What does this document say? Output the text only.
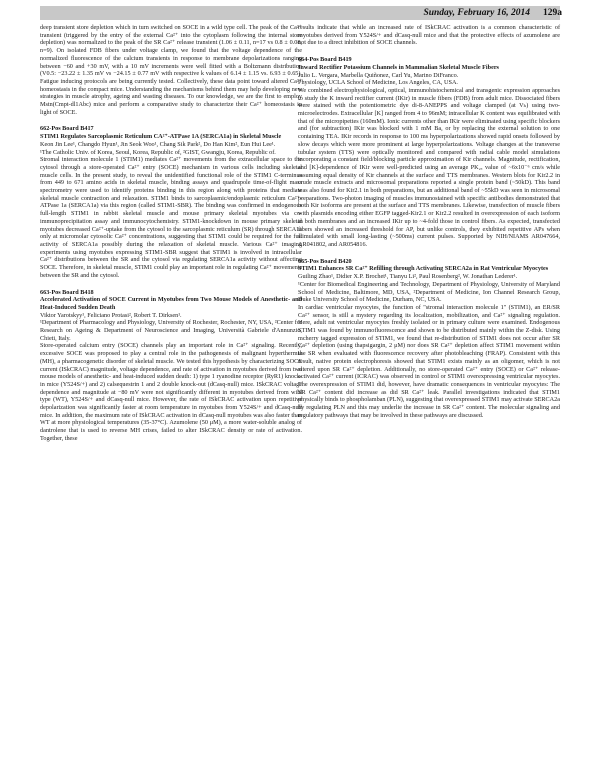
Sunday, February 16, 2014 129a

deep transient store depletion which in turn switched on SOCE in a wild type cell. The peak of the Ca²⁺ transient (triggered by the entry of the external Ca²⁺ into the cytoplasm following the internal store depletion) was normalized to the peak of the SR Ca²⁺ release transient (1.06 ± 0.11, n=17 vs 0.8 ± 0.08, n=9). On isolated FDB fibers under voltage clamp, we found that the voltage dependence of the normalized fluorescence of the calcium transients in response to membrane depolarizations ranging between −60 and +30 mV, with a 10 mV increments were well fitted with a Boltzmann distribution (V0.5: −23.22 ± 1.35 mV vs −24.15 ± 0.77 mV with respective k values of 6.14 ± 1.15 vs. 6.93 ± 0.65). Fatigue inducing protocols are being currently tested. Collectively, these data point toward altered Ca²⁺ homeostasis in the compact mice. Understanding the mechanisms behind them may help developing new strategies in muscle atrophy, ageing and wasting diseases. To our knowledge, we are the first to employ Mstn(Cmpt-dl1Abc) mice and perform a comparative study to characterize their Ca²⁺ homeostasis in light of SOCE.

662-Pos Board B417

STIM1 Regulates Sarcoplasmic Reticulum CA²⁺-ATPase 1A (SERCA1a) in Skeletal Muscle

Keon Jin Lee¹, Changdo Hyun¹, Jin Seok Woo¹, Chang Sik Park², Do Han Kim², Eun Hui Lee¹.

¹The Catholic Univ. of Korea, Seoul, Korea, Republic of, ²GIST, Gwangju, Korea, Republic of.

Stromal interaction molecule 1 (STIM1) mediates Ca²⁺ movements from the extracellular space to the cytosol through a store-operated Ca²⁺ entry (SOCE) mechanism in various cells including skeletal muscle cells. In the present study, to reveal the unidentified functional role of the STIM1 C-terminus from 449 to 671 amino acids in skeletal muscle, binding assays and quadrupole time-of-flight mass spectrometry were used to identify proteins binding in this region along with proteins that mediate skeletal muscle contraction and relaxation. STIM1 binds to sarcoplasmic/endoplasmic reticulum Ca²⁺-ATPase 1a (SERCA1a) via this region (called STIM1-SBR). The binding was confirmed in endogenous full-length STIM1 in rabbit skeletal muscle and mouse primary skeletal myotubes via co-immunoprecipitation assay and immunocytochemistry. STIM1-knockdown in mouse primary skeletal myotubes decreased Ca²⁺-uptake from the cytosol to the sarcoplasmic reticulum (SR) through SERCA1a only at micromolar cytosolic Ca²⁺ concentrations, suggesting that STIM1 could be required for the full activity of SERCA1a possibly during the relaxation of skeletal muscle. Various Ca²⁺ imaging experiments using myotubes expressing STIM1-SBR suggest that STIM1 is involved in intracellular Ca²⁺ distributions between the SR and the cytosol via regulating SERCA1a activity without affecting SOCE. Therefore, in skeletal muscle, STIM1 could play an important role in regulating Ca²⁺ movements between the SR and the cytosol.

663-Pos Board B418

Accelerated Activation of SOCE Current in Myotubes from Two Mouse Models of Anesthetic- and Heat-Induced Sudden Death

Viktor Yarotskyy¹, Feliciano Protasi², Robert T. Dirksen¹.

¹Department of Pharmacology and Physiology, University of Rochester, Rochester, NY, USA, ²Center for Research on Ageing & Department of Neuroscience and Imaging, Università Gabriele d'Annunzio, Chieti, Italy.

Store-operated calcium entry (SOCE) channels play an important role in Ca²⁺ signaling. Recently, excessive SOCE was proposed to play a central role in the pathogenesis of malignant hyperthermia (MH), a pharmacogenetic disorder of skeletal muscle. We tested this hypothesis by characterizing SOCE current (ISkCRAC) magnitude, voltage dependence, and rate of activation in myotubes derived from two mouse models of anesthetic- and heat-induced sudden death: 1) type 1 ryanodine receptor (RyR1) knock-in mice (Y524S/+) and 2) calsequestrin 1 and 2 double knock-out (dCasq-null) mice. ISkCRAC voltage dependence and magnitude at −80 mV were not significantly different in myotubes derived from wild type (WT), Y524S/+ and dCasq-null mice. However, the rate of ISkCRAC activation upon repetitive depolarization was significantly faster at room temperature in myotubes from Y524S/+ and dCasq-null mice. In addition, the maximum rate of ISkCRAC activation in dCasq-null myotubes was also faster than WT at more physiological temperatures (35-37°C). Azumolene (50 μM), a more water-soluble analog of dantrolene that is used to reverse MH crises, failed to alter ISkCRAC density or rate of activation. Together, these

results indicate that while an increased rate of ISkCRAC activation is a common characteristic of myotubes derived from Y524S/+ and dCasq-null mice and that the protective effects of azumolene are not due to a direct inhibition of SOCE channels.

664-Pos Board B419

Inward Rectifier Potassium Channels in Mammalian Skeletal Muscle Fibers

Julio L. Vergara, Marbella Quiñonez, Carl Yu, Marino DiFranco.

Physiology, UCLA School of Medicine, Los Angeles, CA, USA.

We combined electrophysiological, optical, immunohistochemical and transgenic expression approaches to study the K inward rectifier current (IKir) in muscle fibers (FDB) from adult mice. Dissociated fibers were stained with the potentiometric dye di-8-ANEPPS and voltage clamped (at Vₕ) using two-microelectrodes. Extracellular [K] ranged from 4 to 96mM; intracellular K content was equilibrated with that of the micropipettes (160mM). Ionic currents other than IKir were eliminated using specific blockers and (for subtraction) IKir was blocked with 1 mM Ba, or by replacing the external solution to one containing TEA. IKir records in response to 100 ms hyperpolarizations showed rapid onsets followed by slow decays which were more prominent at large hyperpolarizations. Voltage changes at the transverse tubular system (TTS) were optically monitored and compared with radial cable model simulations incorporating a constant field/blocking particle approximation of Kir channels. Magnitude, rectification, and [K]-dependence of IKir were well-predicted using an average PK₂ₐ value of ~6x10⁻⁶ cm/s while assuming equal density of Kir channels at the surface and TTS membranes. Western blots for Kir2.2 in crude muscle extracts and microsomal preparations reported a single protein band (~50kD). This band was also found for Kir2.1 in both preparations, but an additional band of ~55kD was seen in microsomal preparations. Two-photon imaging of muscles immunostained with specific antibodies demonstrated that both Kir isoforms are present at the surface and TTS membranes. Likewise, transfection of muscle fibers with plasmids encoding either EGFP tagged-Kir2.1 or Kir2.2 resulted in overexpression of each isoform in both membranes and an increased IKir up to ~4-fold those in control fibers. As expected, transfected fibers showed an increased threshold for AP, but unlike controls, they exhibited repetitive APs when stimulated with small long-lasting (~500ms) current pulses. Supported by NIH/NIAMS AR047664, AR041802, and AR054816.

665-Pos Board B420

STIM1 Enhances SR Ca²⁺ Refilling through Activating SERCA2a in Rat Ventricular Myocytes

Guiling Zhao¹, Didier X.P. Brochet¹, Tianyu Li², Paul Rosenberg², W. Jonathan Lederer¹.

¹Center for Biomedical Engineering and Technology, Department of Physiology, University of Maryland School of Medicine, Baltimore, MD, USA, ²Department of Medicine, Ion Channel Research Group, Duke University School of Medicine, Durham, NC, USA.

In cardiac ventricular myocytes, the function of "stromal interaction molecule 1" (STIM1), an ER/SR Ca²⁺ sensor, is still a mystery regarding its localization, mobilization, and Ca²⁺ signaling regulation. Here, adult rat ventricular myocytes freshly isolated or in primary culture were examined. Endogenous STIM1 was found by immunofluorescence and shown to be distributed mainly within the Z-disk. Using mcherry tagged expression of STIM1, we found that re-distribution of STIM1 does not occur after SR Ca²⁺ depletion (using thapsigargin, 2 μM) nor does SR Ca²⁺ depletion affect STIM1 movement within the SR when evaluated with fluorescence recovery after photobleaching (FRAP). Consistent with this result, native protein electrophoresis showed that STIM1 exists mainly as an oligomer, which is not altered upon SR Ca²⁺ depletion. Additionally, no store-operated Ca²⁺ entry (SOCE) or Ca²⁺ release-activated Ca²⁺ current (ICRAC) was observed in control or STIM1 overexpressing ventricular myocytes. The overexpression of STIM1 did, however, have dramatic consequences in ventricular myocytes: The SR Ca²⁺ content did increase as did SR Ca²⁺ leak. Parallel investigations indicated that STIM1 physically binds to phospholamban (PLN), suggesting that overexpressed STIM1 may activate SERCA2a by regulating PLN and this may underlie the increase in SR Ca²⁺ content. The molecular signaling and regulatory pathways that may be involved in these pathways are discussed.
